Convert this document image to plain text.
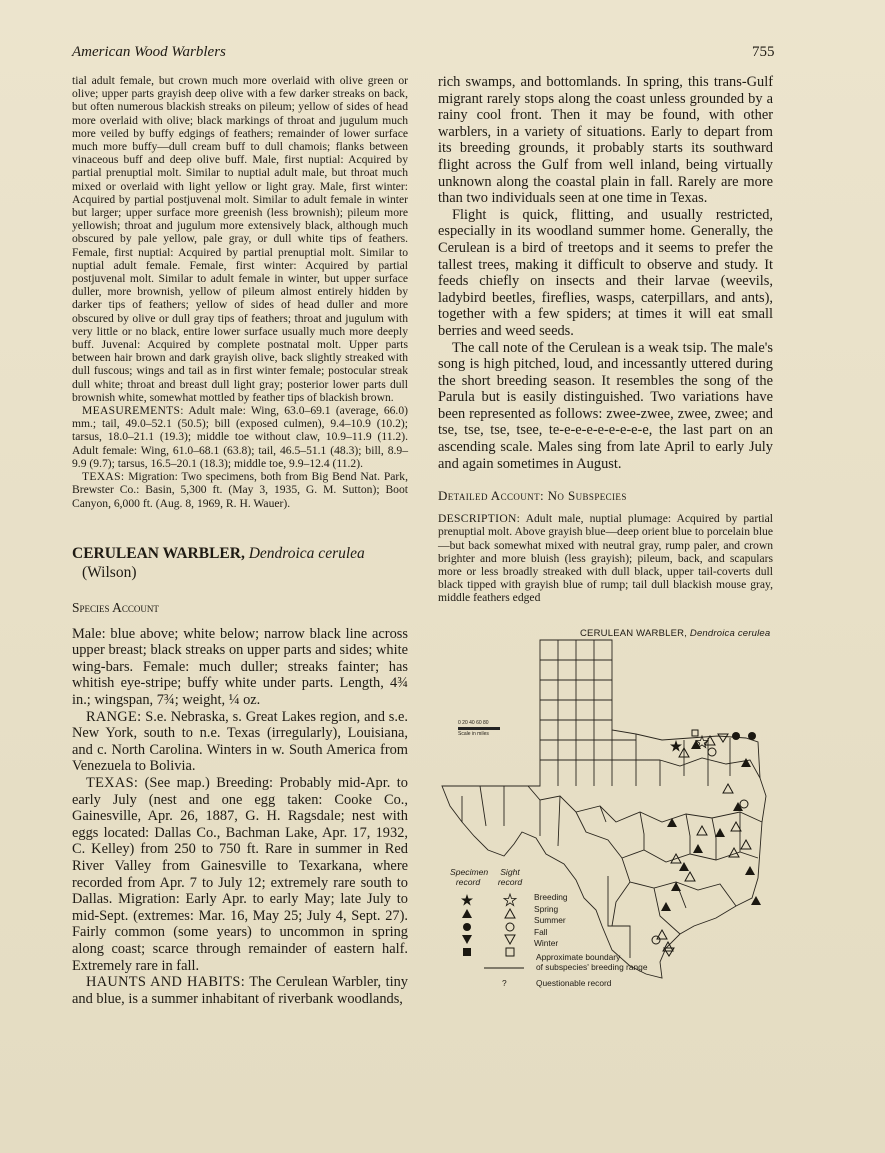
American Wood Warblers	755

tial adult female, but crown much more overlaid with olive green or olive; upper parts grayish deep olive with a few darker streaks on back, but often numerous blackish streaks on pileum; yellow of sides of head more overlaid with olive; black markings of throat and jugulum much more veiled by buffy edgings of feathers; remainder of lower surface much more buffy—dull cream buff to dull chamois; flanks between vinaceous buff and deep olive buff. Male, first nuptial: Acquired by partial prenuptial molt. Similar to nuptial adult male, but throat much mixed or overlaid with light yellow or light gray. Male, first winter: Acquired by partial postjuvenal molt. Similar to adult female in winter but larger; upper surface more greenish (less brownish); pileum more yellowish; throat and jugulum more extensively black, although much obscured by pale yellow, pale gray, or dull white tips of feathers. Female, first nuptial: Acquired by partial prenuptial molt. Similar to nuptial adult female. Female, first winter: Acquired by partial postjuvenal molt. Similar to adult female in winter, but upper surface duller, more brownish, yellow of pileum almost entirely hidden by darker tips of feathers; yellow of sides of head duller and more obscured by olive or dull gray tips of feathers; throat and jugulum with very little or no black, entire lower surface usually much more deeply buff. Juvenal: Acquired by complete postnatal molt. Upper parts between hair brown and dark grayish olive, back slightly streaked with dull fuscous; wings and tail as in first winter female; postocular streak dull white; throat and breast dull light gray; posterior lower parts dull brownish white, somewhat mottled by feather tips of blackish brown.

MEASUREMENTS: Adult male: Wing, 63.0–69.1 (average, 66.0) mm.; tail, 49.0–52.1 (50.5); bill (exposed culmen), 9.4–10.9 (10.2); tarsus, 18.0–21.1 (19.3); middle toe without claw, 10.9–11.9 (11.2). Adult female: Wing, 61.0–68.1 (63.8); tail, 46.5–51.1 (48.3); bill, 8.9–9.9 (9.7); tarsus, 16.5–20.1 (18.3); middle toe, 9.9–12.4 (11.2).

TEXAS: Migration: Two specimens, both from Big Bend Nat. Park, Brewster Co.: Basin, 5,300 ft. (May 3, 1935, G. M. Sutton); Boot Canyon, 6,000 ft. (Aug. 8, 1969, R. H. Wauer).

CERULEAN WARBLER, Dendroica cerulea
(Wilson)
Species Account

Male: blue above; white below; narrow black line across upper breast; black streaks on upper parts and sides; white wing-bars. Female: much duller; streaks fainter; has whitish eye-stripe; buffy white under parts. Length, 4¾ in.; wingspan, 7¾; weight, ¼ oz.

RANGE: S.e. Nebraska, s. Great Lakes region, and s.e. New York, south to n.e. Texas (irregularly), Louisiana, and c. North Carolina. Winters in w. South America from Venezuela to Bolivia.

TEXAS: (See map.) Breeding: Probably mid-Apr. to early July (nest and one egg taken: Cooke Co., Gainesville, Apr. 26, 1887, G. H. Ragsdale; nest with eggs located: Dallas Co., Bachman Lake, Apr. 17, 1932, C. Kelley) from 250 to 750 ft. Rare in summer in Red River Valley from Gainesville to Texarkana, where recorded from Apr. 7 to July 12; extremely rare south to Dallas. Migration: Early Apr. to early May; late July to mid-Sept. (extremes: Mar. 16, May 25; July 4, Sept. 27). Fairly common (some years) to uncommon in spring along coast; scarce through remainder of eastern half. Extremely rare in fall.

HAUNTS AND HABITS: The Cerulean Warbler, tiny and blue, is a summer inhabitant of riverbank woodlands,

rich swamps, and bottomlands. In spring, this trans-Gulf migrant rarely stops along the coast unless grounded by a rainy cool front. Then it may be found, with other warblers, in a variety of situations. Early to depart from its breeding grounds, it probably starts its southward flight across the Gulf from well inland, being virtually unknown along the coastal plain in fall. Rarely are more than two individuals seen at one time in Texas.

Flight is quick, flitting, and usually restricted, especially in its woodland summer home. Generally, the Cerulean is a bird of treetops and it seems to prefer the tallest trees, making it difficult to observe and study. It feeds chiefly on insects and their larvae (weevils, ladybird beetles, fireflies, wasps, caterpillars, and ants), together with a few spiders; at times it will eat small berries and weed seeds.

The call note of the Cerulean is a weak tsip. The male's song is high pitched, loud, and incessantly uttered during the short breeding season. It resembles the song of the Parula but is easily distinguished. Two variations have been represented as follows: zwee-zwee, zwee, zwee; and tse, tse, tse, tsee, te-e-e-e-e-e-e-e-e, the last part on an ascending scale. Males sing from late April to early July and again sometimes in August.

Detailed Account: No Subspecies

DESCRIPTION: Adult male, nuptial plumage: Acquired by partial prenuptial molt. Above grayish blue—deep orient blue to porcelain blue—but back somewhat mixed with neutral gray, rump paler, and crown brighter and more bluish (less grayish); pileum, back, and scapulars more or less broadly streaked with dull black, upper tail-coverts dull black tipped with grayish blue of rump; tail dull blackish mouse gray, middle feathers edged

CERULEAN WARBLER, Dendroica cerulea
0 20 40 60 80
Scale in miles
Specimen record
Sight record
Breeding
Spring
Summer
Fall
Winter
Approximate boundary
of subspecies' breeding range
?	Questionable record
